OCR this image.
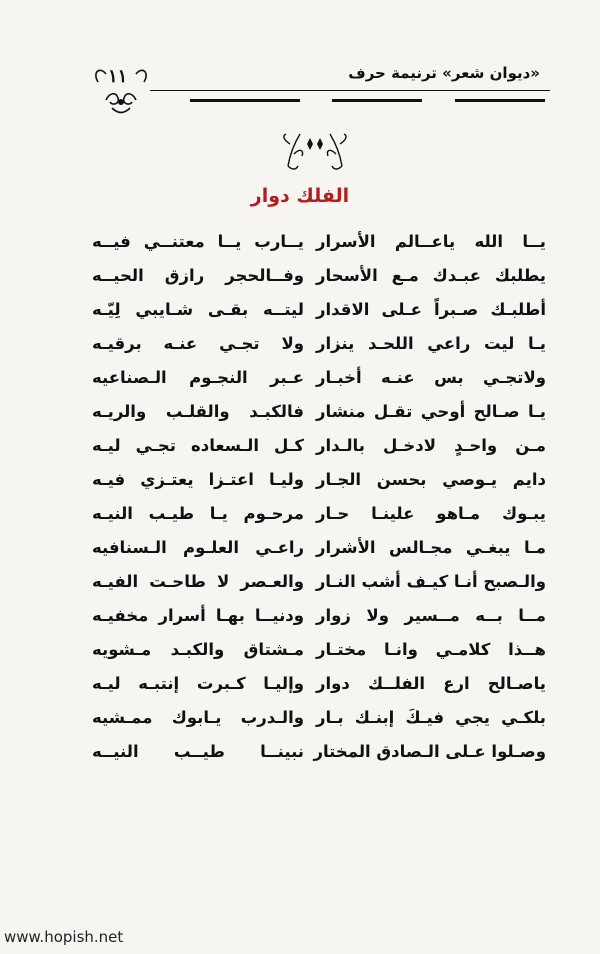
«ديوان شعر» ترنيمة حرف
١١
الفلك دوار
يــا الله ياعــالم الأسرار
يــارب يــا معتنــي فيــه
يطلبك عبـدك مـع الأسحار
وفــالحجر رازق الحيــه
أطلبـك صـبراً عـلى الاقدار
ليتــه بقـى شـايبي لِيّـه
يـا ليت راعي اللحـد ينزار
ولا تجـي عنـه برقيـه
ولاتجـي بس عنـه أخبـار
عـبر النجـوم الـصناعيه
يـا صـالح أوحي تقـل منشار
فالكبـد والقلـب والريـه
مـن واحـدٍ لادخـل بالـدار
كـل الـسعاده تجـي ليـه
دايم يـوصي بحسن الجـار
وليـا اعتـزا يعتـزي فيـه
يبـوك مـاهو علينـا حـار
مرحـوم يـا طيـب النيـه
مـا يبغـي مجـالس الأشرار
راعـي العلـوم الـسنافيه
والـصبح أنـا كيـف أشب النـار
والعـصر لا طاحـت الفيـه
مــا بــه مــسير ولا زوار
ودنيــا بهـا أسرار مخفيـه
هــذا كلامـي وانـا مختـار
مـشتاق والكبـد مـشويه
ياصـالح ارع الفلــك دوار
وإليـا كـبرت إنتبـه ليـه
بلكـي يجي فيـكَ إبنـك بـار
والـدرب يـابوك ممـشيه
وصـلوا عـلى الـصادق المختار
نبينــا طيــب النيــه
www.hopish.net
